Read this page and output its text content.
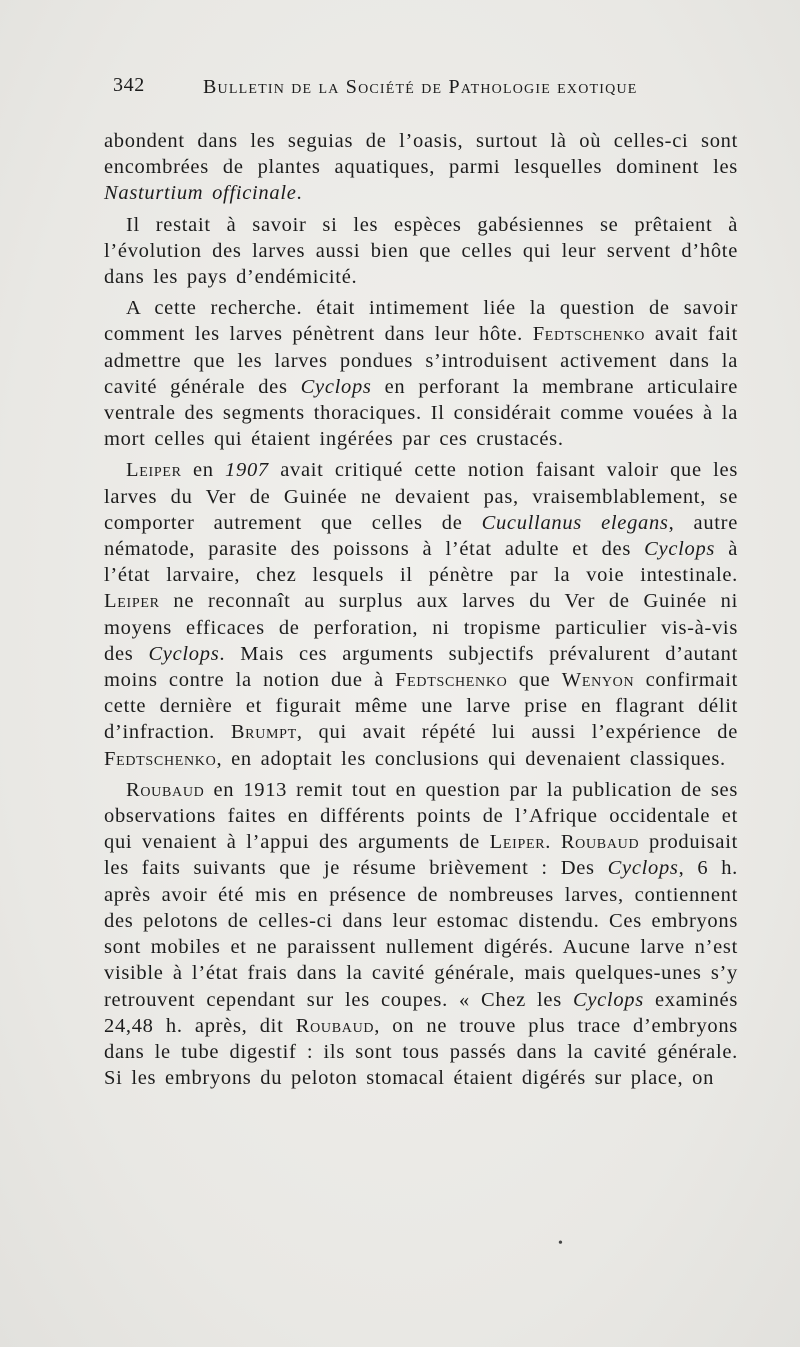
342	Bulletin de la Société de Pathologie exotique

abondent dans les seguias de l’oasis, surtout là où celles-ci sont encombrées de plantes aquatiques, parmi lesquelles dominent les Nasturtium officinale.

Il restait à savoir si les espèces gabésiennes se prêtaient à l’évolution des larves aussi bien que celles qui leur servent d’hôte dans les pays d’endémicité.

A cette recherche. était intimement liée la question de savoir comment les larves pénètrent dans leur hôte. Fedtschenko avait fait admettre que les larves pondues s’introduisent activement dans la cavité générale des Cyclops en perforant la membrane articulaire ventrale des segments thoraciques. Il considérait comme vouées à la mort celles qui étaient ingérées par ces crustacés.

Leiper en 1907 avait critiqué cette notion faisant valoir que les larves du Ver de Guinée ne devaient pas, vraisemblablement, se comporter autrement que celles de Cucullanus elegans, autre nématode, parasite des poissons à l’état adulte et des Cyclops à l’état larvaire, chez lesquels il pénètre par la voie intestinale. Leiper ne reconnaît au surplus aux larves du Ver de Guinée ni moyens efficaces de perforation, ni tropisme particulier vis-à-vis des Cyclops. Mais ces arguments subjectifs prévalurent d’autant moins contre la notion due à Fedtschenko que Wenyon confirmait cette dernière et figurait même une larve prise en flagrant délit d’infraction. Brumpt, qui avait répété lui aussi l’expérience de Fedtschenko, en adoptait les conclusions qui devenaient classiques.

Roubaud en 1913 remit tout en question par la publication de ses observations faites en différents points de l’Afrique occidentale et qui venaient à l’appui des arguments de Leiper. Roubaud produisait les faits suivants que je résume brièvement : Des Cyclops, 6 h. après avoir été mis en présence de nombreuses larves, contiennent des pelotons de celles-ci dans leur estomac distendu. Ces embryons sont mobiles et ne paraissent nullement digérés. Aucune larve n’est visible à l’état frais dans la cavité générale, mais quelques-unes s’y retrouvent cependant sur les coupes. « Chez les Cyclops examinés 24,48 h. après, dit Roubaud, on ne trouve plus trace d’embryons dans le tube digestif : ils sont tous passés dans la cavité générale. Si les embryons du peloton stomacal étaient digérés sur place, on

•
